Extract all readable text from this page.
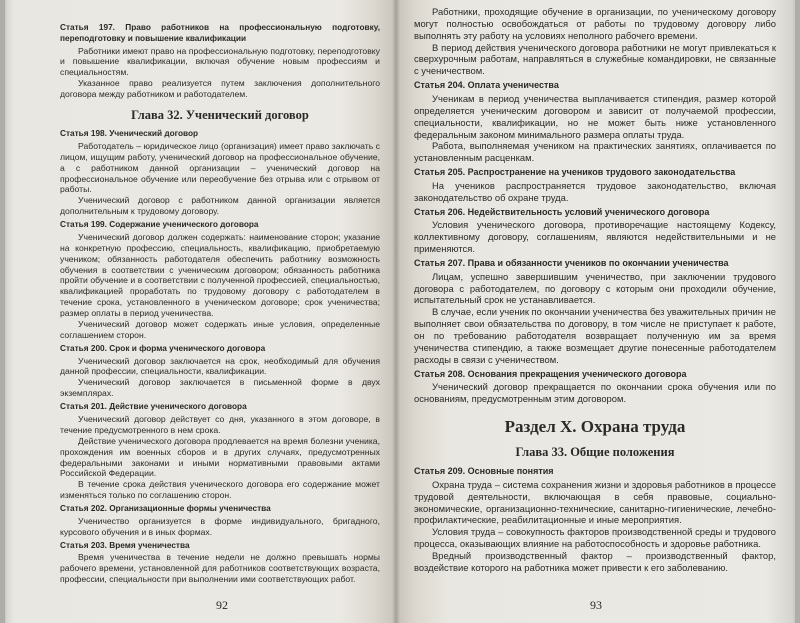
Статья 197. Право работников на профессиональную подготовку, переподготовку и повышение квалификации
Работники имеют право на профессиональную подготовку, переподготовку и повышение квалификации, включая обучение новым профессиям и специальностям.
Указанное право реализуется путем заключения дополнительного договора между работником и работодателем.
Глава 32. Ученический договор
Статья 198. Ученический договор
Работодатель – юридическое лицо (организация) имеет право заключать с лицом, ищущим работу, ученический договор на профессиональное обучение, а с работником данной организации – ученический договор на профессиональное обучение или переобучение без отрыва или с отрывом от работы.
Ученический договор с работником данной организации является дополнительным к трудовому договору.
Статья 199. Содержание ученического договора
Ученический договор должен содержать: наименование сторон; указание на конкретную профессию, специальность, квалификацию, приобретаемую учеником; обязанность работодателя обеспечить работнику возможность обучения в соответствии с ученическим договором; обязанность работника пройти обучение и в соответствии с полученной профессией, специальностью, квалификацией проработать по трудовому договору с работодателем в течение срока, установленного в ученическом договоре; срок ученичества; размер оплаты в период ученичества.
Ученический договор может содержать иные условия, определенные соглашением сторон.
Статья 200. Срок и форма ученического договора
Ученический договор заключается на срок, необходимый для обучения данной профессии, специальности, квалификации.
Ученический договор заключается в письменной форме в двух экземплярах.
Статья 201. Действие ученического договора
Ученический договор действует со дня, указанного в этом договоре, в течение предусмотренного в нем срока.
Действие ученического договора продлевается на время болезни ученика, прохождения им военных сборов и в других случаях, предусмотренных федеральными законами и иными нормативными правовыми актами Российской Федерации.
В течение срока действия ученического договора его содержание может изменяться только по соглашению сторон.
Статья 202. Организационные формы ученичества
Ученичество организуется в форме индивидуального, бригадного, курсового обучения и в иных формах.
Статья 203. Время ученичества
Время ученичества в течение недели не должно превышать нормы рабочего времени, установленной для работников соответствующих возраста, профессии, специальности при выполнении ими соответствующих работ.
92
Работники, проходящие обучение в организации, по ученическому договору могут полностью освобождаться от работы по трудовому договору либо выполнять эту работу на условиях неполного рабочего времени.
В период действия ученического договора работники не могут привлекаться к сверхурочным работам, направляться в служебные командировки, не связанные с ученичеством.
Статья 204. Оплата ученичества
Ученикам в период ученичества выплачивается стипендия, размер которой определяется ученическим договором и зависит от получаемой профессии, специальности, квалификации, но не может быть ниже установленного федеральным законом минимального размера оплаты труда.
Работа, выполняемая учеником на практических занятиях, оплачивается по установленным расценкам.
Статья 205. Распространение на учеников трудового законодательства
На учеников распространяется трудовое законодательство, включая законодательство об охране труда.
Статья 206. Недействительность условий ученического договора
Условия ученического договора, противоречащие настоящему Кодексу, коллективному договору, соглашениям, являются недействительными и не применяются.
Статья 207. Права и обязанности учеников по окончании ученичества
Лицам, успешно завершившим ученичество, при заключении трудового договора с работодателем, по договору с которым они проходили обучение, испытательный срок не устанавливается.
В случае, если ученик по окончании ученичества без уважительных причин не выполняет свои обязательства по договору, в том числе не приступает к работе, он по требованию работодателя возвращает полученную им за время ученичества стипендию, а также возмещает другие понесенные работодателем расходы в связи с ученичеством.
Статья 208. Основания прекращения ученического договора
Ученический договор прекращается по окончании срока обучения или по основаниям, предусмотренным этим договором.
Раздел X. Охрана труда
Глава 33. Общие положения
Статья 209. Основные понятия
Охрана труда – система сохранения жизни и здоровья работников в процессе трудовой деятельности, включающая в себя правовые, социально-экономические, организационно-технические, санитарно-гигиенические, лечебно-профилактические, реабилитационные и иные мероприятия.
Условия труда – совокупность факторов производственной среды и трудового процесса, оказывающих влияние на работоспособность и здоровье работника.
Вредный производственный фактор – производственный фактор, воздействие которого на работника может привести к его заболеванию.
93
